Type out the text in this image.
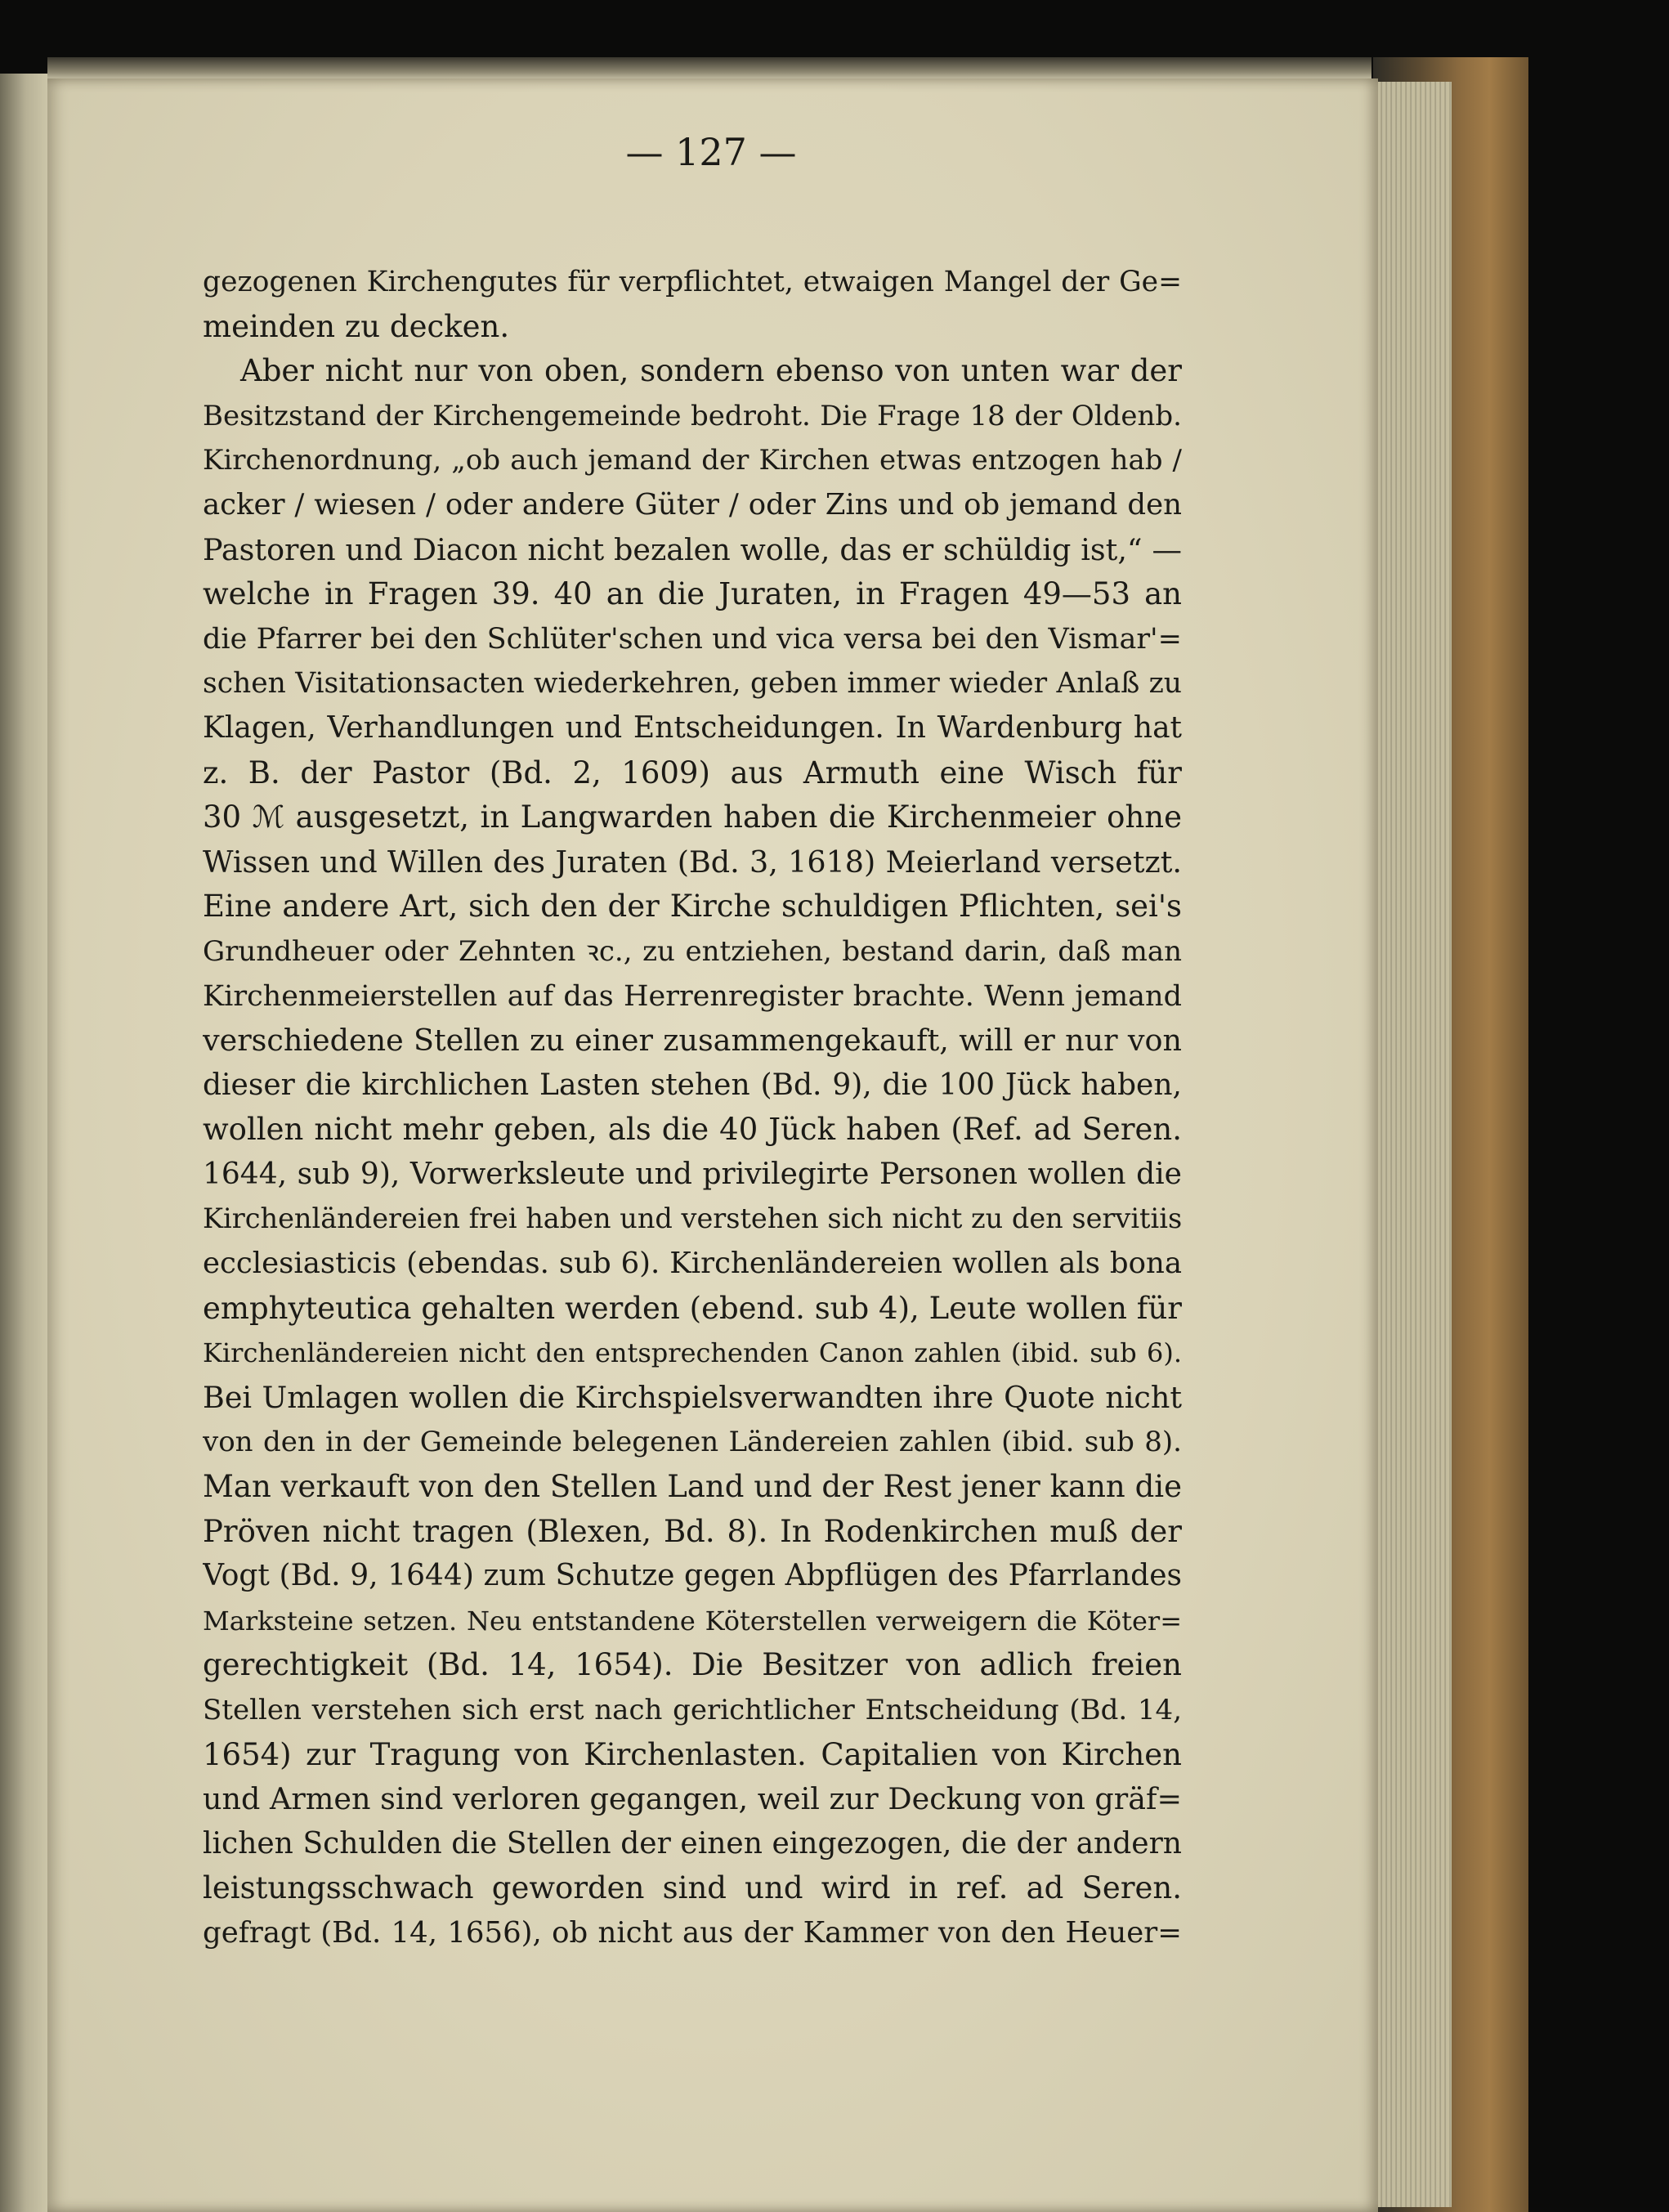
— 127 —
gezogenen Kirchengutes für verpflichtet, etwaigen Mangel der Ge=
meinden zu decken.
Aber nicht nur von oben, sondern ebenso von unten war der
Besitzstand der Kirchengemeinde bedroht. Die Frage 18 der Oldenb.
Kirchenordnung, „ob auch jemand der Kirchen etwas entzogen hab /
acker / wiesen / oder andere Güter / oder Zins und ob jemand den
Pastoren und Diacon nicht bezalen wolle, das er schüldig ist,“ —
welche in Fragen 39. 40 an die Juraten, in Fragen 49—53 an
die Pfarrer bei den Schlüter'schen und vica versa bei den Vismar'=
schen Visitationsacten wiederkehren, geben immer wieder Anlaß zu
Klagen, Verhandlungen und Entscheidungen. In Wardenburg hat
z. B. der Pastor (Bd. 2, 1609) aus Armuth eine Wisch für
30 ℳ ausgesetzt, in Langwarden haben die Kirchenmeier ohne
Wissen und Willen des Juraten (Bd. 3, 1618) Meierland versetzt.
Eine andere Art, sich den der Kirche schuldigen Pflichten, sei's
Grundheuer oder Zehnten ꝛc., zu entziehen, bestand darin, daß man
Kirchenmeierstellen auf das Herrenregister brachte. Wenn jemand
verschiedene Stellen zu einer zusammengekauft, will er nur von
dieser die kirchlichen Lasten stehen (Bd. 9), die 100 Jück haben,
wollen nicht mehr geben, als die 40 Jück haben (Ref. ad Seren.
1644, sub 9), Vorwerksleute und privilegirte Personen wollen die
Kirchenländereien frei haben und verstehen sich nicht zu den servitiis
ecclesiasticis (ebendas. sub 6). Kirchenländereien wollen als bona
emphyteutica gehalten werden (ebend. sub 4), Leute wollen für
Kirchenländereien nicht den entsprechenden Canon zahlen (ibid. sub 6).
Bei Umlagen wollen die Kirchspielsverwandten ihre Quote nicht
von den in der Gemeinde belegenen Ländereien zahlen (ibid. sub 8).
Man verkauft von den Stellen Land und der Rest jener kann die
Pröven nicht tragen (Blexen, Bd. 8). In Rodenkirchen muß der
Vogt (Bd. 9, 1644) zum Schutze gegen Abpflügen des Pfarrlandes
Marksteine setzen. Neu entstandene Köterstellen verweigern die Köter=
gerechtigkeit (Bd. 14, 1654). Die Besitzer von adlich freien
Stellen verstehen sich erst nach gerichtlicher Entscheidung (Bd. 14,
1654) zur Tragung von Kirchenlasten. Capitalien von Kirchen
und Armen sind verloren gegangen, weil zur Deckung von gräf=
lichen Schulden die Stellen der einen eingezogen, die der andern
leistungsschwach geworden sind und wird in ref. ad Seren.
gefragt (Bd. 14, 1656), ob nicht aus der Kammer von den Heuer=
